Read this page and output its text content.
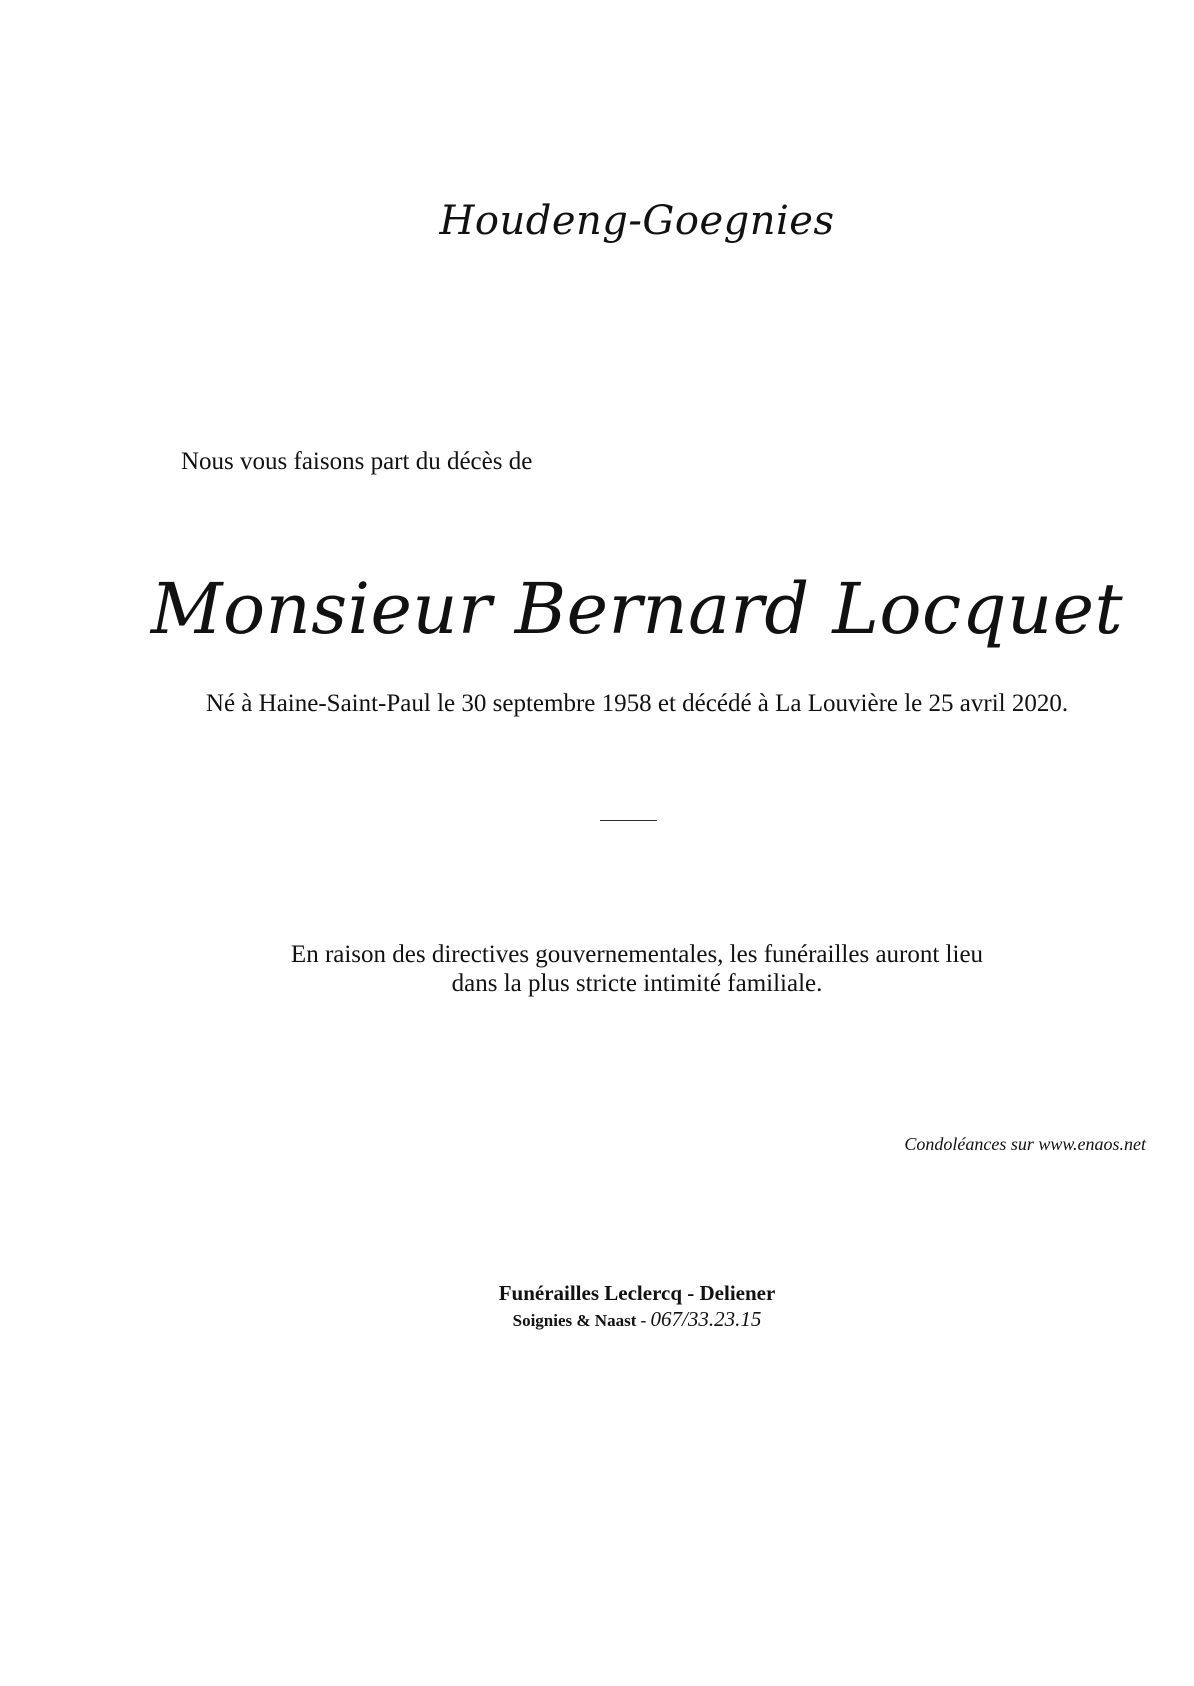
Houdeng-Goegnies
Nous vous faisons part du décès de
Monsieur Bernard Locquet
Né à Haine-Saint-Paul le 30 septembre 1958 et décédé à La Louvière le 25 avril 2020.
En raison des directives gouvernementales, les funérailles auront lieu
dans la plus stricte intimité familiale.
Condoléances sur www.enaos.net
Funérailles Leclercq - Deliener
Soignies & Naast - 067/33.23.15
